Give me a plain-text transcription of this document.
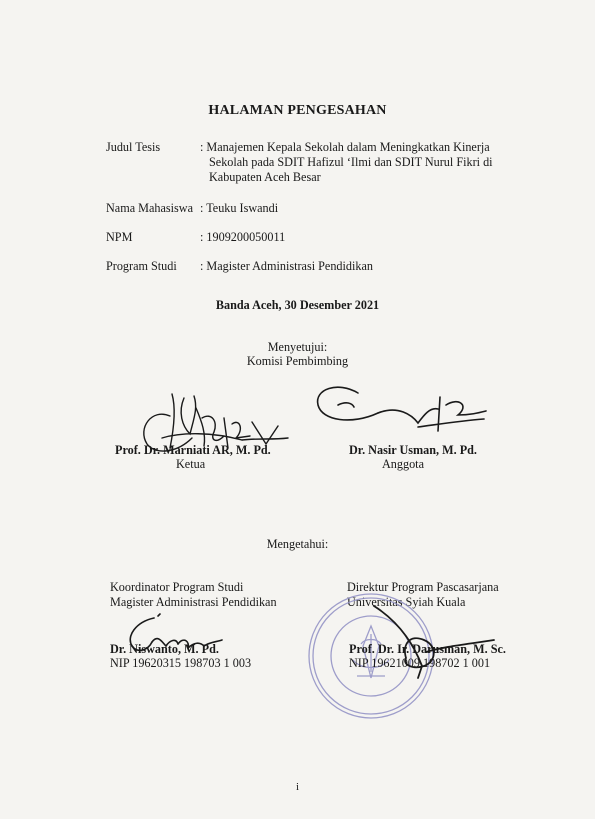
HALAMAN PENGESAHAN
Judul Tesis	: Manajemen Kepala Sekolah dalam Meningkatkan Kinerja
Sekolah pada SDIT Hafizul ‘Ilmi dan SDIT Nurul Fikri di
Kabupaten Aceh Besar
Nama Mahasiswa : Teuku Iswandi
NPM	: 1909200050011
Program Studi : Magister Administrasi Pendidikan
Banda Aceh, 30 Desember 2021
Menyetujui:
Komisi Pembimbing
Prof. Dr. Marniati AR, M. Pd.
Ketua
Dr. Nasir Usman, M. Pd.
Anggota
Mengetahui:
Koordinator Program Studi
Magister Administrasi Pendidikan
Direktur Program Pascasarjana
Universitas Syiah Kuala
Dr. Niswanto, M. Pd.
NIP 19620315 198703 1 003
Prof. Dr. Ir. Darusman, M. Sc.
NIP 19621009 198702 1 001
i
